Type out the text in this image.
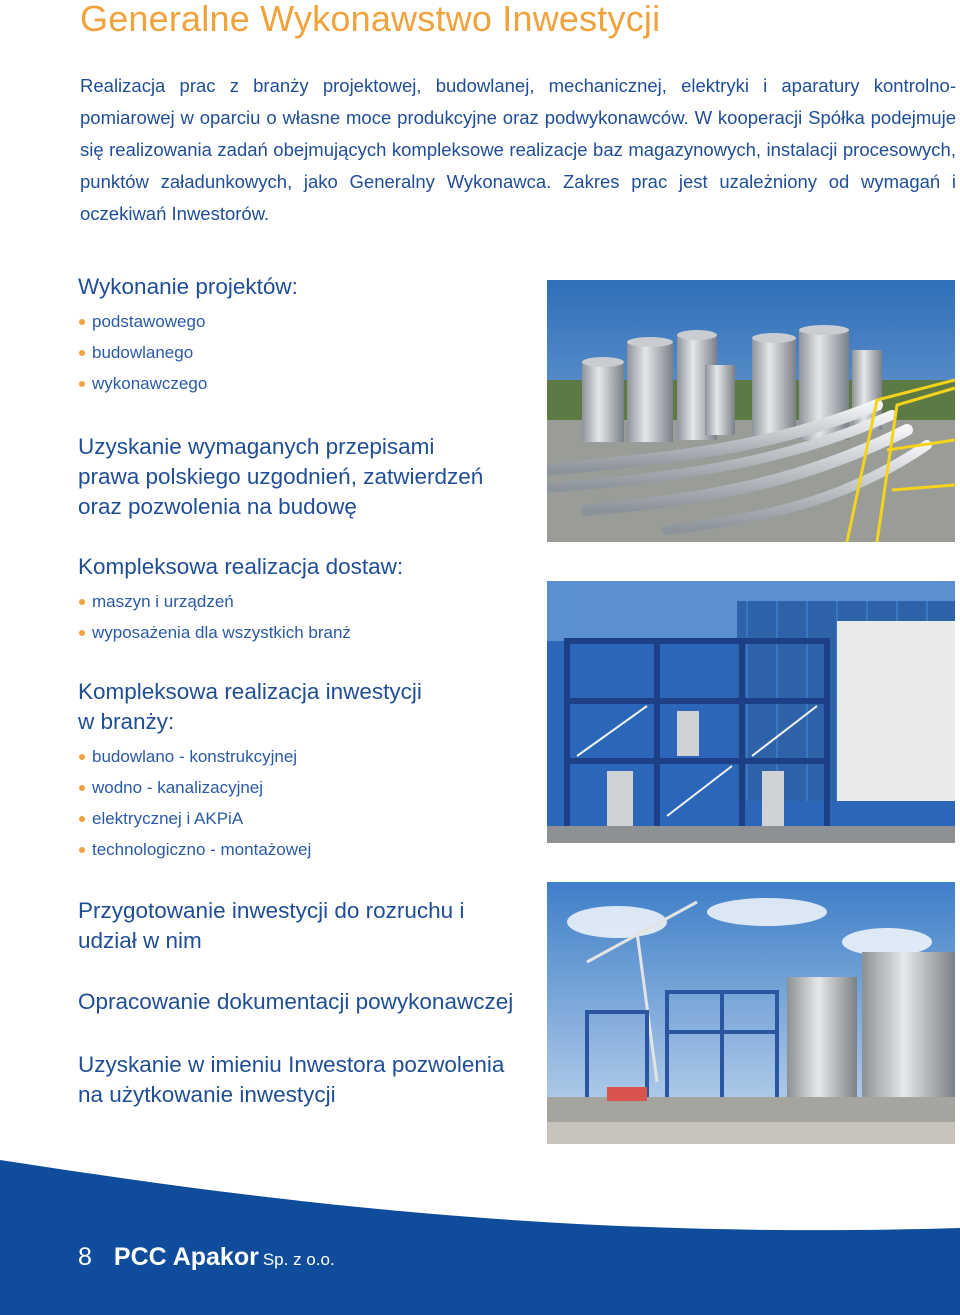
Generalne Wykonawstwo Inwestycji

Realizacja prac z branży projektowej, budowlanej, mechanicznej, elektryki i aparatury kontrolno-pomiarowej w oparciu o własne moce produkcyjne oraz podwykonawców. W kooperacji Spółka podejmuje się realizowania zadań obejmujących kompleksowe realizacje baz magazynowych, instalacji procesowych, punktów załadunkowych, jako Generalny Wykonawca. Zakres prac jest uzależniony od wymagań i oczekiwań Inwestorów.

Wykonanie projektów:
podstawowego
budowlanego
wykonawczego
Uzyskanie wymaganych przepisami prawa polskiego uzgodnień, zatwierdzeń oraz pozwolenia na budowę
Kompleksowa realizacja dostaw:
maszyn i urządzeń
wyposażenia dla wszystkich branż
Kompleksowa realizacja inwestycji w branży:
budowlano - konstrukcyjnej
wodno - kanalizacyjnej
elektrycznej i AKPiA
technologiczno - montażowej
Przygotowanie inwestycji do rozruchu i udział w nim
Opracowanie dokumentacji powykonawczej
Uzyskanie w imieniu Inwestora pozwolenia na użytkowanie inwestycji
8 PCC Apakor Sp. z o.o.
